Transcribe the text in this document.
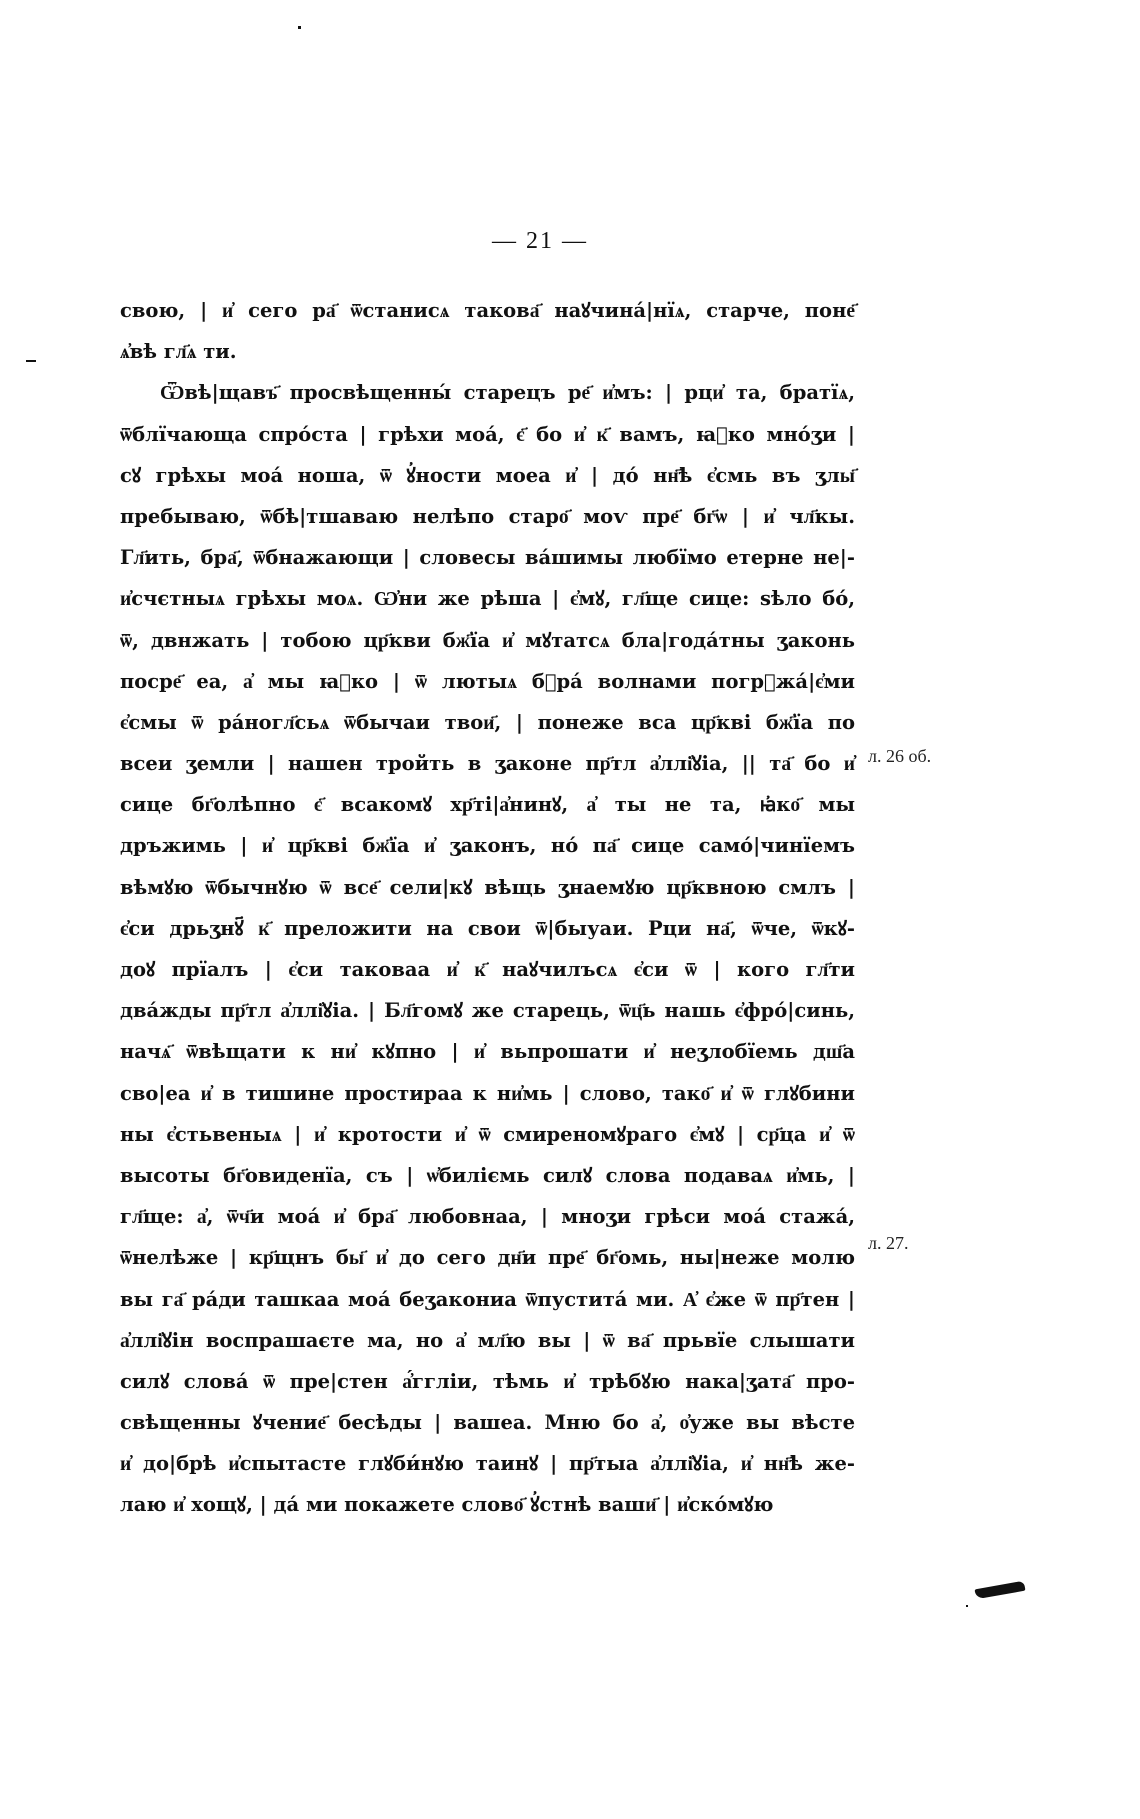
— 21 —
свою, | и҆ сего ра҃ ѿстанисѧ такова҃ наꙋчина́|нїѧ, старче, поне҃
ѧ҆вѣ гл҃ѧ ти.
Ѿвѣ|щавъ҃ просвѣщенны́ старецъ ре҃ и҆мъ: | рци҆ та, братїѧ,
ѿблїчающа спро́ста | грѣхи моа́, є҃ бо и҆ к҃ вамъ, ꙗ҆ко мно́ʒи |
сꙋ грѣхы моа́ ноша, ѿ ꙋ҆ности моеа и҆ | до́ нн҃ѣ є҆смь въ ʒлы҃
пребываю, ѿбѣ|тшаваю нелѣпо старо҃ моѵ пре҃ бг҃ѡ | и҆ чл҃кы.
Гл҃ить, бра҃, ѿбнажающи | словесы ва́шимы любїмо етерне не|-
и҆счєтныѧ грѣхы моѧ. Ѡ҆ни же рѣша | є҆мꙋ, гл҃ще сице: ѕѣло бо́,
ѿ, двнжать | тобою цр҃кви бж҃їа и҆ мꙋтатсѧ бла|года́тны ʒаконь
посре҃ еа, а҆ мы ꙗ҆ко | ѿ лютыѧ бꙋра́ волнами погрꙋжа́|є҆ми
є҆смы ѿ ра́ногл҃сьѧ ѿбычаи твои҃, | понеже вса цр҃кві бж҃їа по
всеи ʒемли | нашен тройть в ʒаконе пр҃тл а҆ллі҆ꙋіа, || та҃ бо и҆
сице бг҃олѣпно є҃ всакомꙋ хр҃ті|а҆нинꙋ, а҆ ты не та, ꙗ҆ко҃ мы
дръжимь | и҆ цр҃кві бж҃їа и҆ ʒаконъ, но́ па҃ сице само́|чинїемъ
вѣмꙋю ѿбычнꙋю ѿ все҃ сели|кꙋ вѣщь ʒнаемꙋю цр҃квною смлъ |
є҆си дрьʒнꙋ҃ к҃ преложити на свои ѿ|быуаи. Рци на҃, ѿче, ѿкꙋ-
доꙋ прїалъ | є҆си таковаа и҆ к҃ наꙋчилъсѧ є҆си ѿ | кого гл҃ти
два́жды пр҃тл а҆ллі҆ꙋіа. | Бл҃гомꙋ же старець, ѿц҃ь нашь є҆фро́|синь,
начѧ҃ ѿвѣщати к ни҆ кꙋпно | и҆ вьпрошати и҆ неʒлобїемь дш҃а
сво|еа и҆ в тишине простираа к ни҆мь | слово, тако҃ и҆ ѿ глꙋбини
ны є҆стьвеныѧ | и҆ кротости и҆ ѿ смиреномꙋраго є҆мꙋ | ср҃ца и҆ ѿ
высоты бг҃овиденїа, съ | ѡ҆биліємь силꙋ слова подаваѧ и҆мь, |
гл҃ще: а҆, ѿч҃и моа́ и҆ бра҃ любовнаа, | мноʒи грѣси моа́ стажа́,
ѿнелѣже | кр҃щнъ бы҃ и҆ до сего дн҃и пре҃ бг҃омь, ны|неже молю
вы га҃ ра́ди ташкаа моа́ беʒакониа ѿпустита́ ми. А҆ є҆же ѿ пр҃тен |
а҆ллі҆ꙋін воспрашаєте ма, но а҆ мл҃ю вы | ѿ ва҃ прьвїе слышати
силꙋ слова́ ѿ пре|стен а҆́ггліи, тѣмь и҆ трѣбꙋю нака|ʒата҃ про-
свѣщенны ꙋчение҃ бесѣды | вашеа. Мню бо а҆, о҆уже вы вѣсте
и҆ до|брѣ и҆спытасте глꙋби́нꙋю таинꙋ | пр҃тыа а҆ллі҆ꙋіа, и҆ нн҃ѣ же-
лаю и҆ хощꙋ, | да́ ми покажете слово҃ ꙋ҆стнѣ ваши҃ | и҆ско́мꙋю
л. 26 об.
л. 27.
